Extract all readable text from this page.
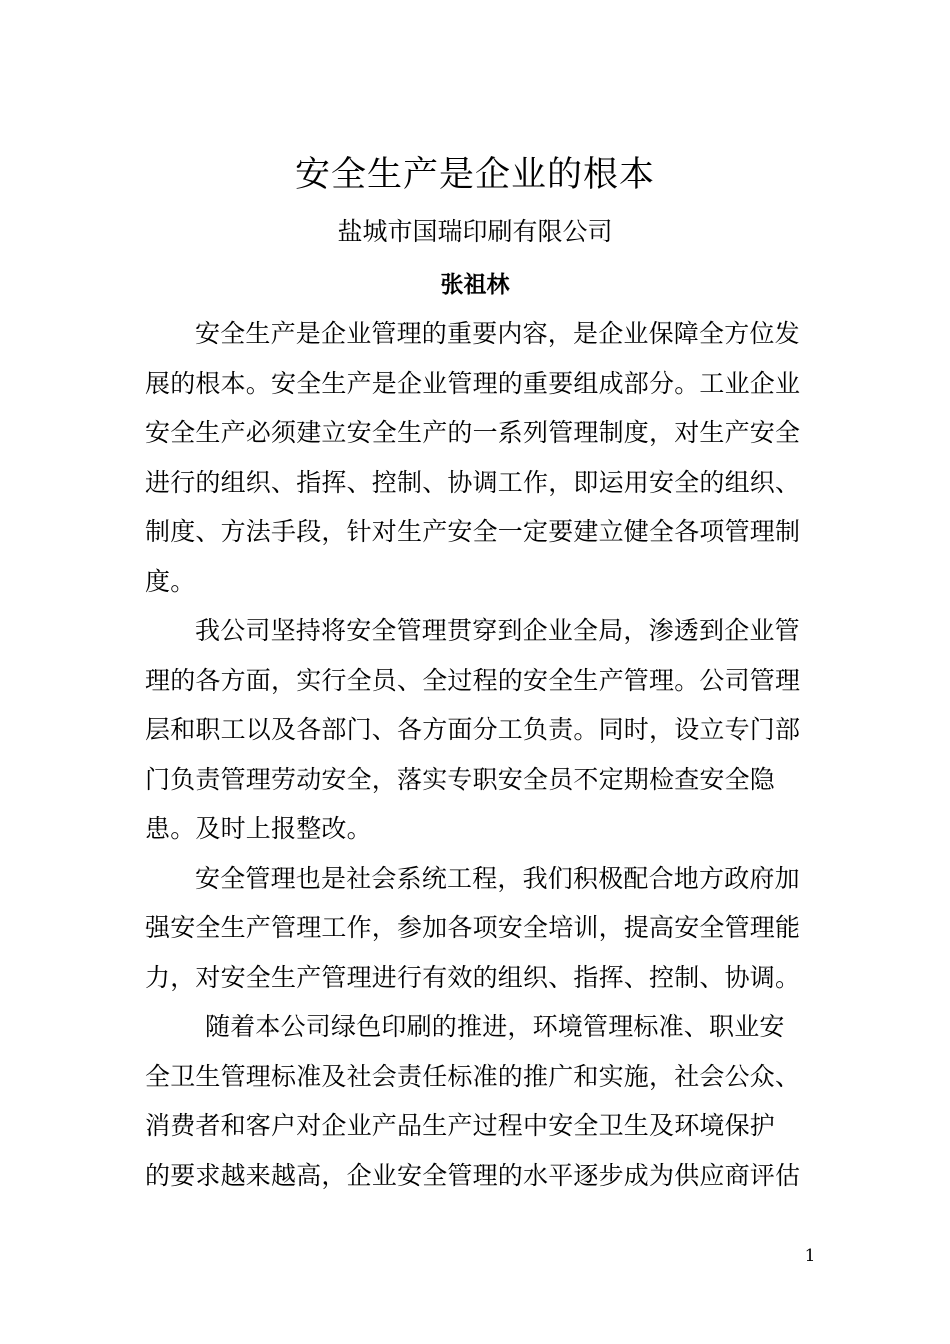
安全生产是企业的根本
盐城市国瑞印刷有限公司
张祖林
安全生产是企业管理的重要内容，是企业保障全方位发
展的根本。安全生产是企业管理的重要组成部分。工业企业
安全生产必须建立安全生产的一系列管理制度，对生产安全
进行的组织、指挥、控制、协调工作，即运用安全的组织、
制度、方法手段，针对生产安全一定要建立健全各项管理制
度。
我公司坚持将安全管理贯穿到企业全局，渗透到企业管
理的各方面，实行全员、全过程的安全生产管理。公司管理
层和职工以及各部门、各方面分工负责。同时，设立专门部
门负责管理劳动安全，落实专职安全员不定期检查安全隐
患。及时上报整改。
安全管理也是社会系统工程，我们积极配合地方政府加
强安全生产管理工作，参加各项安全培训，提高安全管理能
力，对安全生产管理进行有效的组织、指挥、控制、协调。
随着本公司绿色印刷的推进，环境管理标准、职业安
全卫生管理标准及社会责任标准的推广和实施，社会公众、
消费者和客户对企业产品生产过程中安全卫生及环境保护
的要求越来越高，企业安全管理的水平逐步成为供应商评估
1
